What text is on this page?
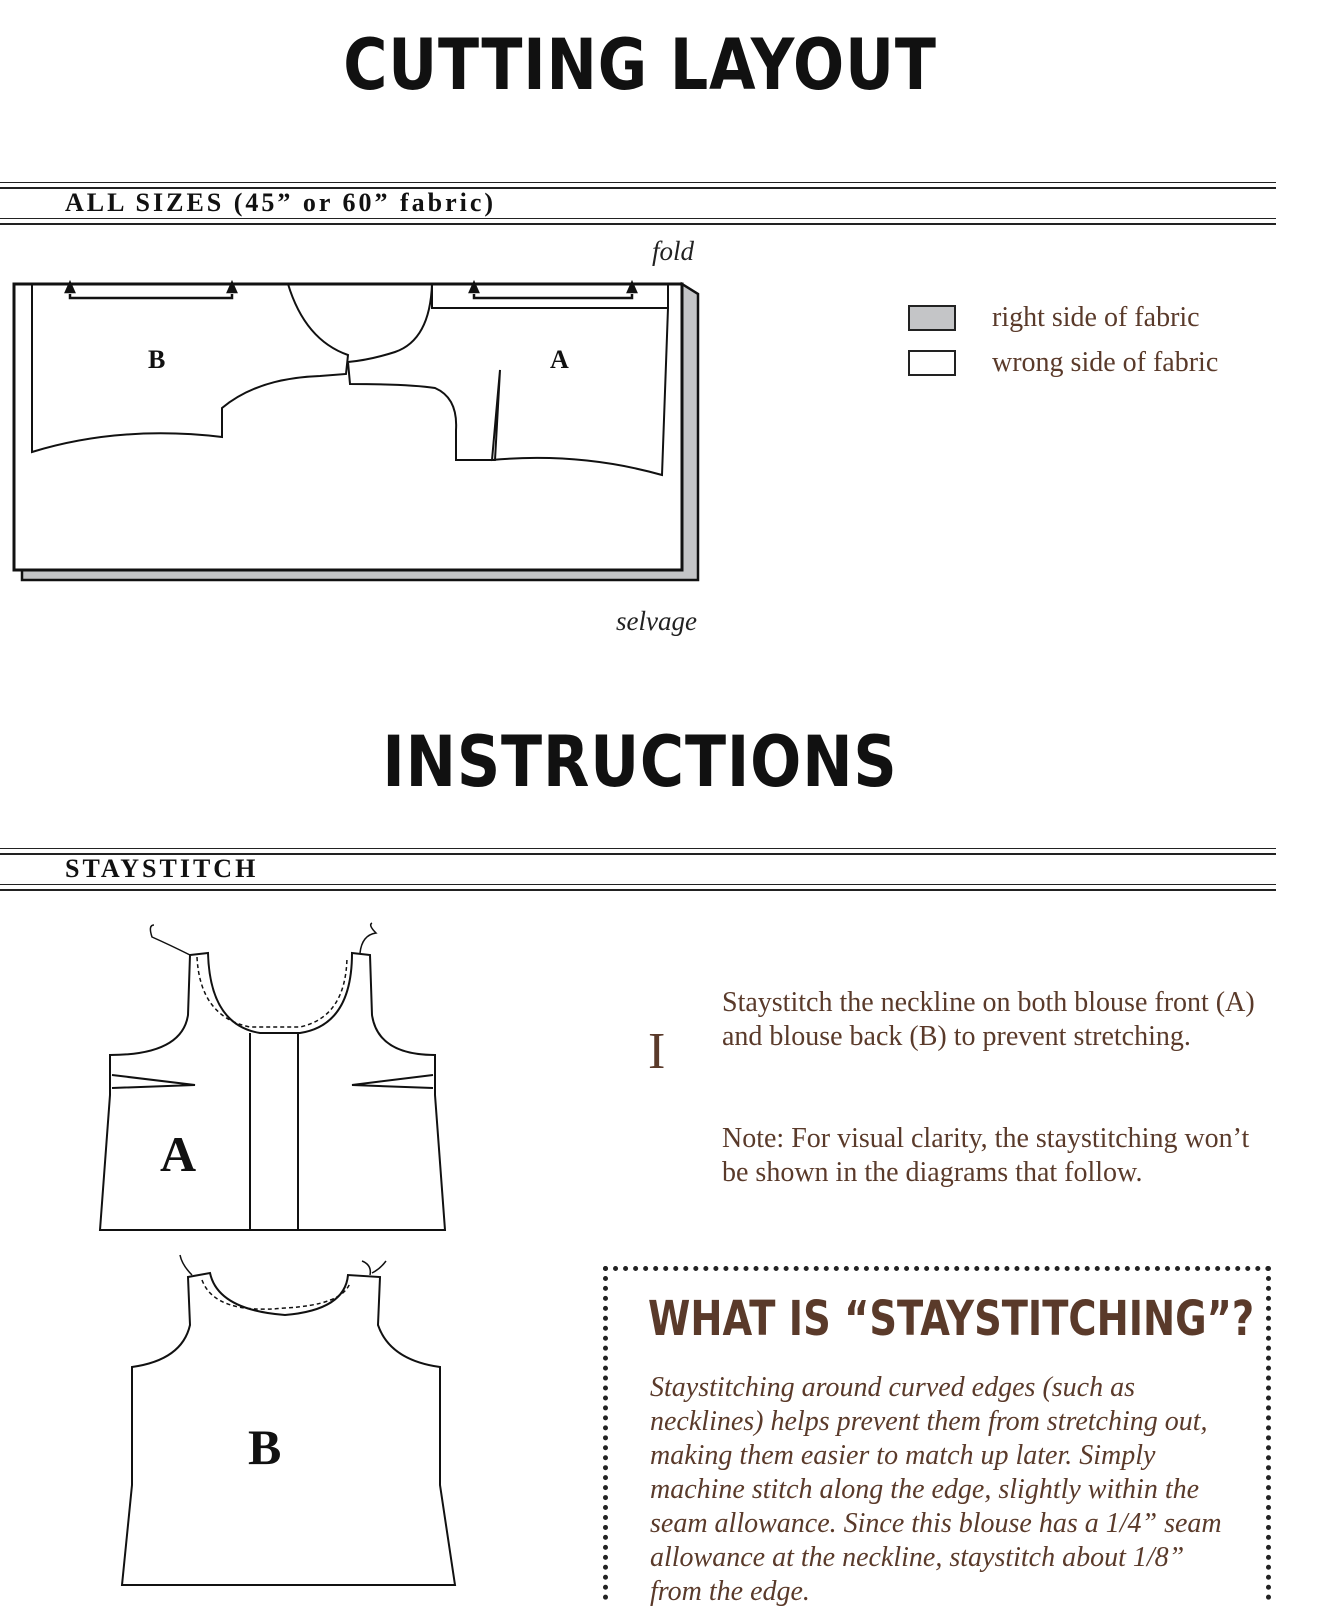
CUTTING LAYOUT
ALL SIZES (45” or 60” fabric)
fold
selvage
B	A
right side of fabric
wrong side of fabric
INSTRUCTIONS
STAYSTITCH
A
B
I
Staystitch the neckline on both blouse front (A) and blouse back (B) to prevent stretching.
Note: For visual clarity, the staystitching won’t be shown in the diagrams that follow.
WHAT IS “STAYSTITCHING”?
Staystitching around curved edges (such as necklines) helps prevent them from stretching out, making them easier to match up later. Simply machine stitch along the edge, slightly within the seam allowance. Since this blouse has a 1/4” seam allowance at the neckline, staystitch about 1/8” from the edge.
